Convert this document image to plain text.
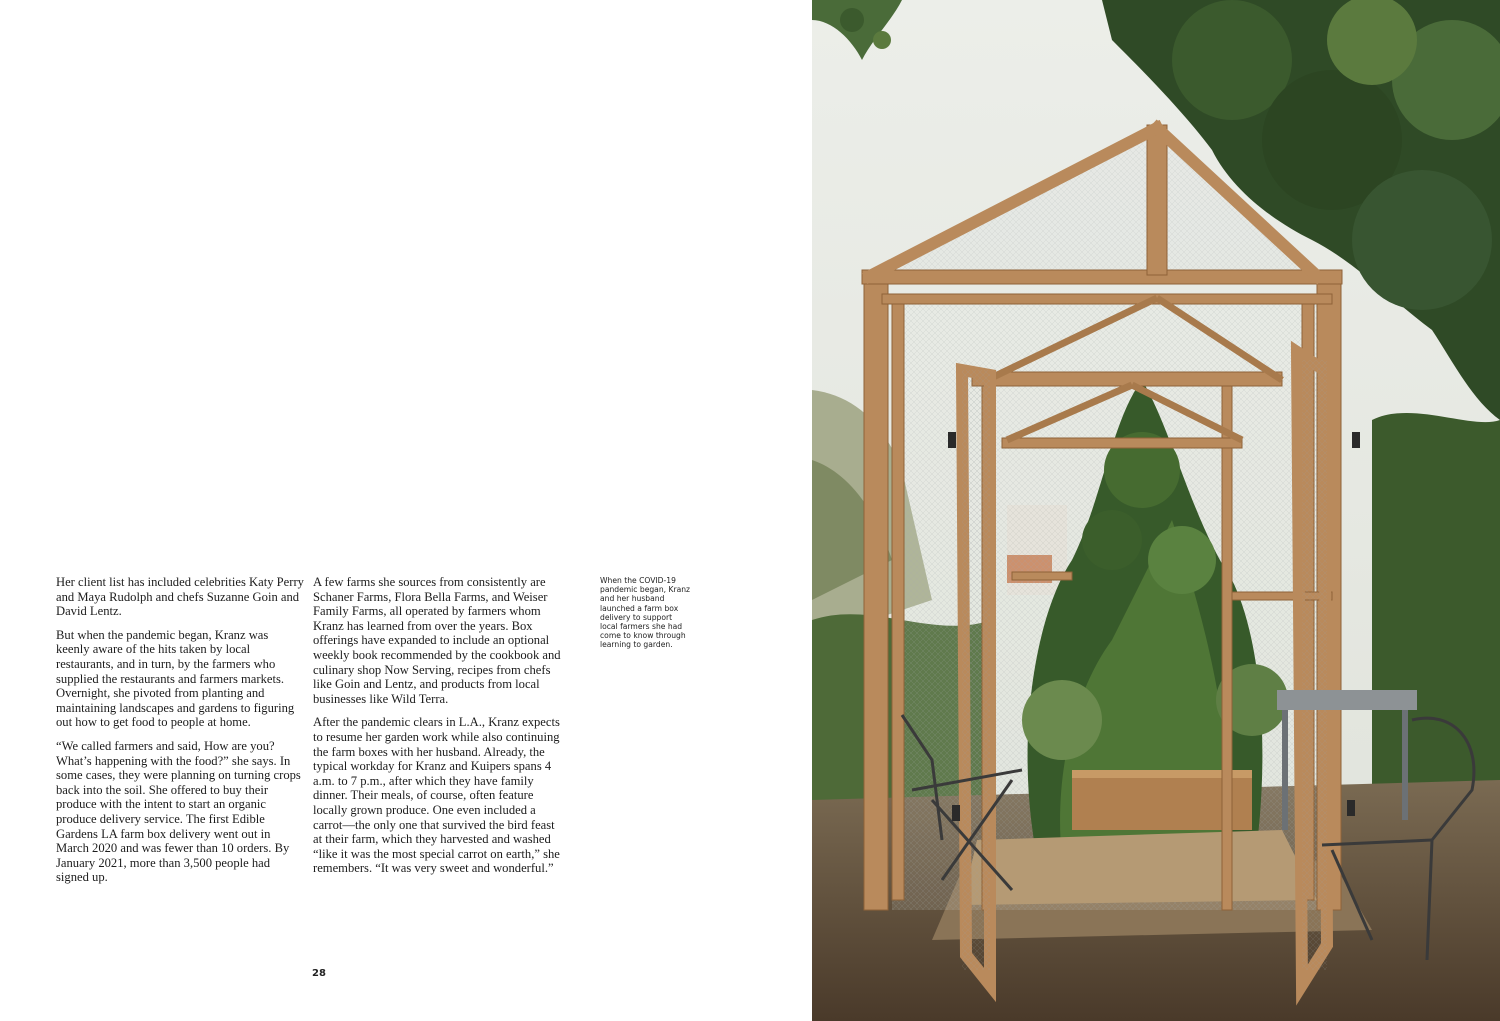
Her client list has included celebrities Katy Perry and Maya Rudolph and chefs Suzanne Goin and David Lentz.

But when the pandemic began, Kranz was keenly aware of the hits taken by local restaurants, and in turn, by the farmers who supplied the restaurants and farmers markets. Overnight, she pivoted from planting and maintaining landscapes and gardens to figuring out how to get food to people at home.

“We called farmers and said, How are you? What’s happening with the food?” she says. In some cases, they were planning on turning crops back into the soil. She offered to buy their produce with the intent to start an organic produce delivery service. The first Edible Gardens LA farm box delivery went out in March 2020 and was fewer than 10 orders. By January 2021, more than 3,500 people had signed up.

A few farms she sources from consistently are Schaner Farms, Flora Bella Farms, and Weiser Family Farms, all operated by farmers whom Kranz has learned from over the years. Box offerings have expanded to include an optional weekly book recommended by the cookbook and culinary shop Now Serving, recipes from chefs like Goin and Lentz, and products from local businesses like Wild Terra.

After the pandemic clears in L.A., Kranz expects to resume her garden work while also continuing the farm boxes with her husband. Already, the typical workday for Kranz and Kuipers spans 4 a.m. to 7 p.m., after which they have family dinner. Their meals, of course, often feature locally grown produce. One even included a carrot—the only one that survived the bird feast at their farm, which they harvested and washed “like it was the most special carrot on earth,” she remembers. “It was very sweet and wonderful.”

When the COVID-19 pandemic began, Kranz and her husband launched a farm box delivery to support local farmers she had come to know through learning to garden.
28
